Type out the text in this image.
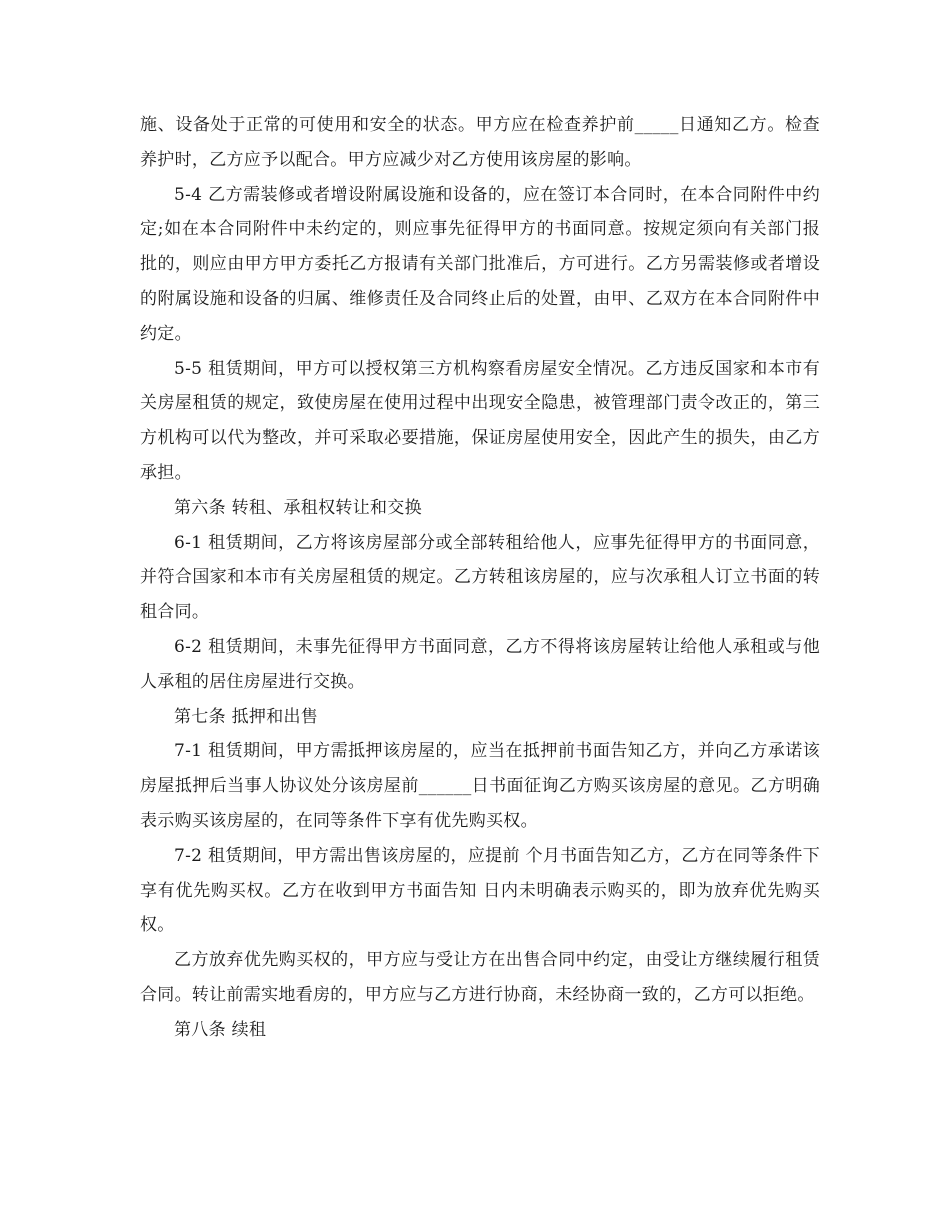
施、设备处于正常的可使用和安全的状态。甲方应在检查养护前_____日通知乙方。检查养护时，乙方应予以配合。甲方应减少对乙方使用该房屋的影响。

5-4 乙方需装修或者增设附属设施和设备的，应在签订本合同时，在本合同附件中约定;如在本合同附件中未约定的，则应事先征得甲方的书面同意。按规定须向有关部门报批的，则应由甲方甲方委托乙方报请有关部门批准后，方可进行。乙方另需装修或者增设的附属设施和设备的归属、维修责任及合同终止后的处置，由甲、乙双方在本合同附件中约定。

5-5 租赁期间，甲方可以授权第三方机构察看房屋安全情况。乙方违反国家和本市有关房屋租赁的规定，致使房屋在使用过程中出现安全隐患，被管理部门责令改正的，第三方机构可以代为整改，并可采取必要措施，保证房屋使用安全，因此产生的损失，由乙方承担。

第六条 转租、承租权转让和交换

6-1 租赁期间，乙方将该房屋部分或全部转租给他人，应事先征得甲方的书面同意，并符合国家和本市有关房屋租赁的规定。乙方转租该房屋的，应与次承租人订立书面的转租合同。

6-2 租赁期间，未事先征得甲方书面同意，乙方不得将该房屋转让给他人承租或与他人承租的居住房屋进行交换。

第七条 抵押和出售

7-1 租赁期间，甲方需抵押该房屋的，应当在抵押前书面告知乙方，并向乙方承诺该房屋抵押后当事人协议处分该房屋前______日书面征询乙方购买该房屋的意见。乙方明确表示购买该房屋的，在同等条件下享有优先购买权。

7-2 租赁期间，甲方需出售该房屋的，应提前 个月书面告知乙方，乙方在同等条件下享有优先购买权。乙方在收到甲方书面告知 日内未明确表示购买的，即为放弃优先购买权。

乙方放弃优先购买权的，甲方应与受让方在出售合同中约定，由受让方继续履行租赁合同。转让前需实地看房的，甲方应与乙方进行协商，未经协商一致的，乙方可以拒绝。

第八条 续租
